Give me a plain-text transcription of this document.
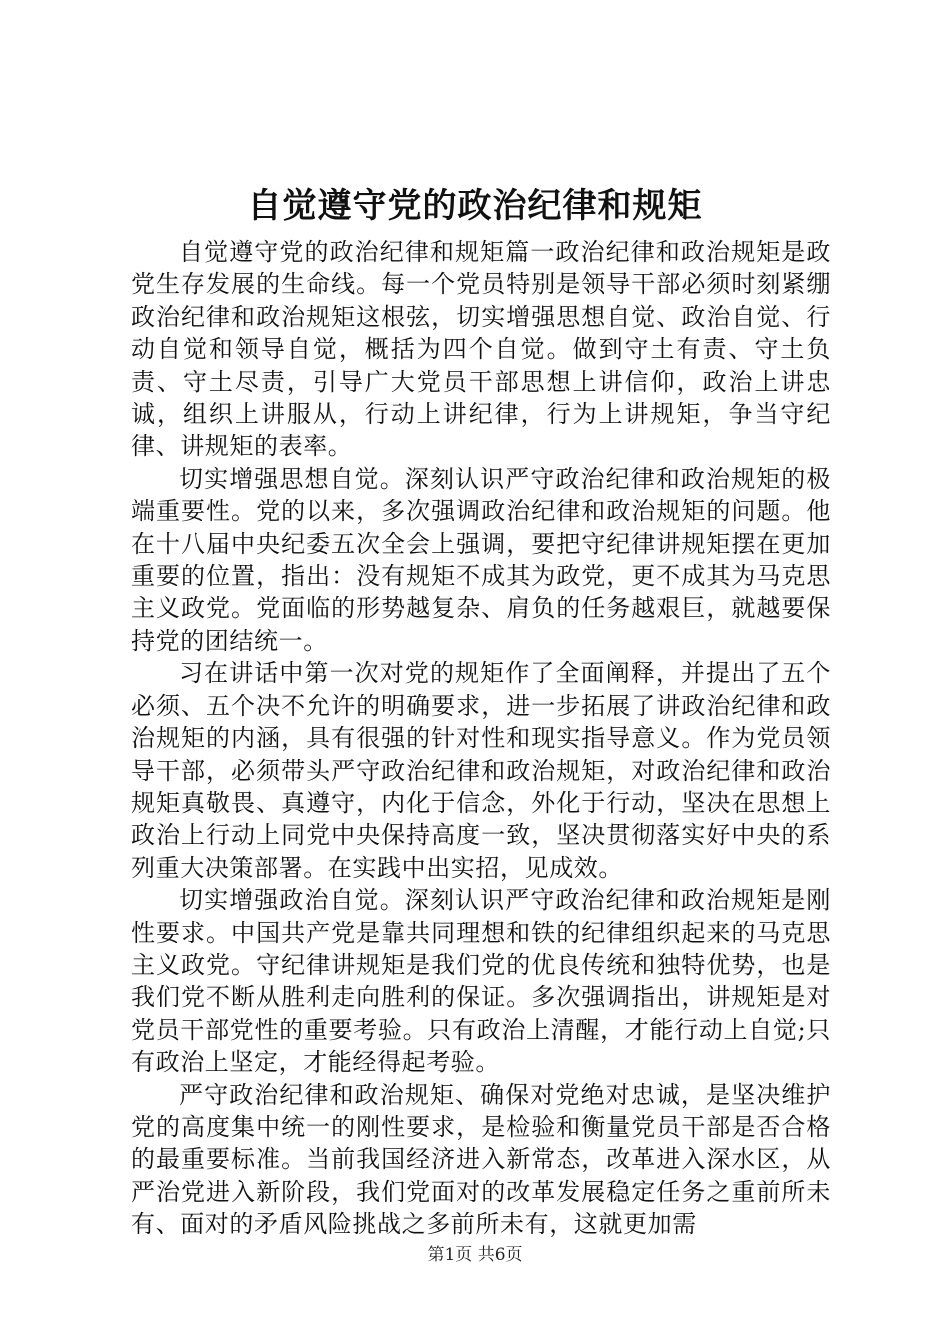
自觉遵守党的政治纪律和规矩

自觉遵守党的政治纪律和规矩篇一政治纪律和政治规矩是政党生存发展的生命线。每一个党员特别是领导干部必须时刻紧绷政治纪律和政治规矩这根弦，切实增强思想自觉、政治自觉、行动自觉和领导自觉，概括为四个自觉。做到守土有责、守土负责、守土尽责，引导广大党员干部思想上讲信仰，政治上讲忠诚，组织上讲服从，行动上讲纪律，行为上讲规矩，争当守纪律、讲规矩的表率。

切实增强思想自觉。深刻认识严守政治纪律和政治规矩的极端重要性。党的以来，多次强调政治纪律和政治规矩的问题。他在十八届中央纪委五次全会上强调，要把守纪律讲规矩摆在更加重要的位置，指出：没有规矩不成其为政党，更不成其为马克思主义政党。党面临的形势越复杂、肩负的任务越艰巨，就越要保持党的团结统一。

习在讲话中第一次对党的规矩作了全面阐释，并提出了五个必须、五个决不允许的明确要求，进一步拓展了讲政治纪律和政治规矩的内涵，具有很强的针对性和现实指导意义。作为党员领导干部，必须带头严守政治纪律和政治规矩，对政治纪律和政治规矩真敬畏、真遵守，内化于信念，外化于行动，坚决在思想上政治上行动上同党中央保持高度一致，坚决贯彻落实好中央的系列重大决策部署。在实践中出实招，见成效。

切实增强政治自觉。深刻认识严守政治纪律和政治规矩是刚性要求。中国共产党是靠共同理想和铁的纪律组织起来的马克思主义政党。守纪律讲规矩是我们党的优良传统和独特优势，也是我们党不断从胜利走向胜利的保证。多次强调指出，讲规矩是对党员干部党性的重要考验。只有政治上清醒，才能行动上自觉;只有政治上坚定，才能经得起考验。

严守政治纪律和政治规矩、确保对党绝对忠诚，是坚决维护党的高度集中统一的刚性要求，是检验和衡量党员干部是否合格的最重要标准。当前我国经济进入新常态，改革进入深水区，从严治党进入新阶段，我们党面对的改革发展稳定任务之重前所未有、面对的矛盾风险挑战之多前所未有，这就更加需

第1页 共6页
